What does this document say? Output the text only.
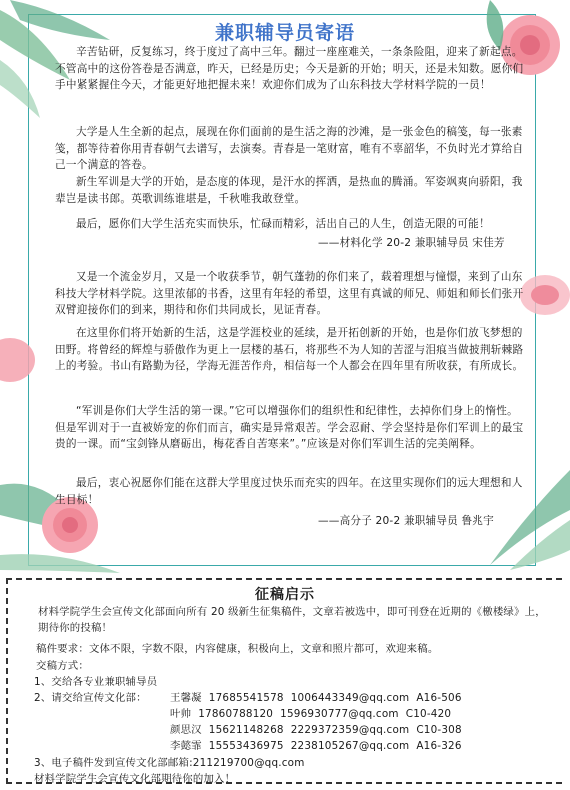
兼职辅导员寄语
辛苦钻研，反复练习，终于度过了高中三年。翻过一座座难关，一条条险阻，迎来了新起点。不管高中的这份答卷是否满意，昨天，已经是历史；今天是新的开始；明天，还是未知数。愿你们手中紧紧握住今天，才能更好地把握未来！欢迎你们成为了山东科技大学材料学院的一员！
大学是人生全新的起点，展现在你们面前的是生活之海的沙滩，是一张金色的稿笺，每一张素笺，都等待着你用青春朝气去谱写，去演奏。青春是一笔财富，唯有不辜韶华，不负时光才算给自己一个满意的答卷。
新生军训是大学的开始，是态度的体现，是汗水的挥洒，是热血的腾涌。军姿飒爽向骄阳，我辈岂是读书郎。英歌训练谁堪是，千秋唯我敢登堂。
最后，愿你们大学生活充实而快乐，忙碌而精彩，活出自己的人生，创造无限的可能！
——材料化学 20-2 兼职辅导员 宋佳芳
又是一个流金岁月，又是一个收获季节，朝气蓬勃的你们来了，载着理想与憧憬，来到了山东科技大学材料学院。这里浓郁的书香，这里有年轻的希望，这里有真诚的师兄、师姐和师长们张开双臂迎接你们的到来，期待和你们共同成长，见证青春。
在这里你们将开始新的生活，这是学涯校业的延续，是开拓创新的开始，也是你们放飞梦想的田野。将曾经的辉煌与骄傲作为更上一层楼的基石，将那些不为人知的苦涩与泪痕当做披荆斩棘路上的考验。书山有路勤为径，学海无涯苦作舟，相信每一个人都会在四年里有所收获，有所成长。
“军训是你们大学生活的第一课。”它可以增强你们的组织性和纪律性，去掉你们身上的惰性。但是军训对于一直被娇宠的你们而言，确实是异常艰苦。学会忍耐、学会坚持是你们军训上的最宝贵的一课。而“宝剑锋从磨砺出，梅花香自苦寒来”。”应该是对你们军训生活的完美阐释。
最后，衷心祝愿你们能在这群大学里度过快乐而充实的四年。在这里实现你们的远大理想和人生目标！
——高分子 20-2 兼职辅导员 鲁兆宇
征稿启示
材料学院学生会宣传文化部面向所有 20 级新生征集稿件，文章若被选中，即可刊登在近期的《檄楼绿》上，期待你的投稿！
稿件要求：文体不限，字数不限，内容健康，积极向上，文章和照片都可，欢迎来稿。
交稿方式：
1、交给各专业兼职辅导员
2、请交给宣传文化部： 王馨凝 17685541578 1006443349@qq.com A16-506
叶帅 17860788120 1596930777@qq.com C10-420
颜思汉 15621148268 2229372359@qq.com C10-308
李懿霏 15553436975 2238105267@qq.com A16-326
3、电子稿件发到宣传文化部邮箱:211219700@qq.com
材料学院学生会宣传文化部期待你的加入！
